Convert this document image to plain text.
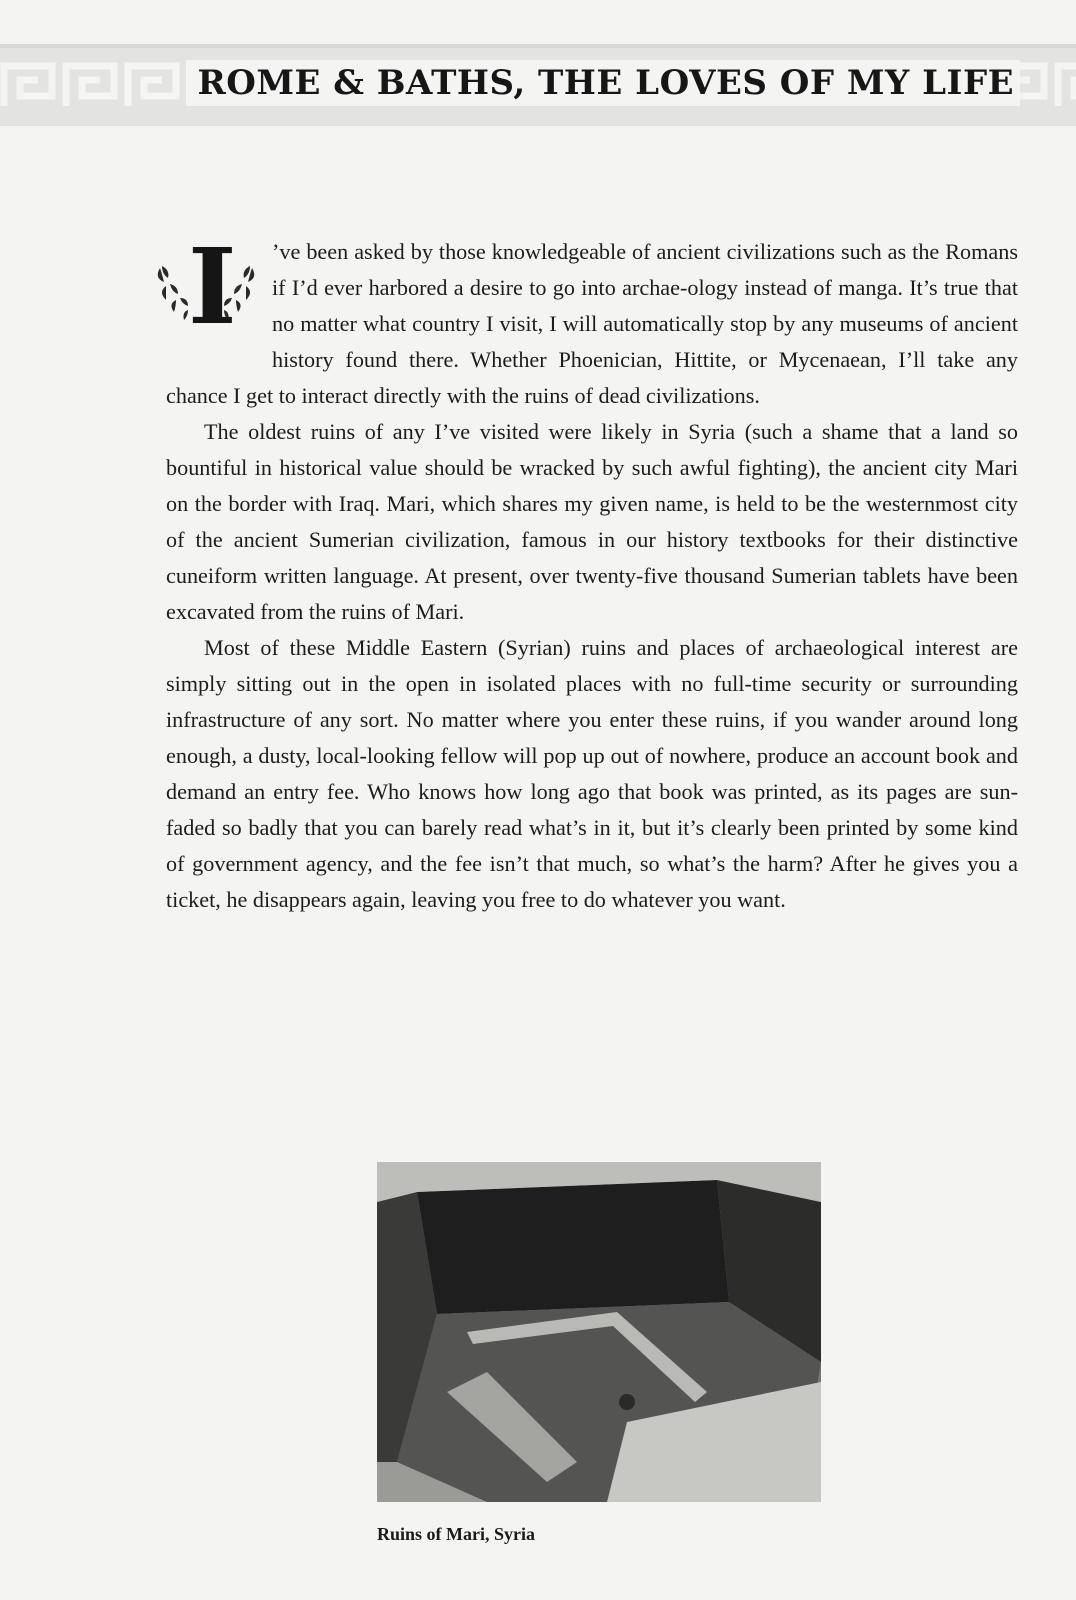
ROME & BATHS, THE LOVES OF MY LIFE
I	’ve been asked by those knowledgeable of ancient civilizations such as the Romans if I’d ever harbored a desire to go into archae-ology instead of manga. It’s true that no matter what country I visit, I will automatically stop by any museums of ancient history found there. Whether Phoenician, Hittite, or Mycenaean, I’ll take any chance I get to interact directly with the ruins of dead civilizations.

The oldest ruins of any I’ve visited were likely in Syria (such a shame that a land so bountiful in historical value should be wracked by such awful fighting), the ancient city Mari on the border with Iraq. Mari, which shares my given name, is held to be the westernmost city of the ancient Sumerian civilization, famous in our history textbooks for their distinctive cuneiform written language. At present, over twenty-five thousand Sumerian tablets have been excavated from the ruins of Mari.

Most of these Middle Eastern (Syrian) ruins and places of archaeological interest are simply sitting out in the open in isolated places with no full-time security or surrounding infrastructure of any sort. No matter where you enter these ruins, if you wander around long enough, a dusty, local-looking fellow will pop up out of nowhere, produce an account book and demand an entry fee. Who knows how long ago that book was printed, as its pages are sun-faded so badly that you can barely read what’s in it, but it’s clearly been printed by some kind of government agency, and the fee isn’t that much, so what’s the harm? After he gives you a ticket, he disappears again, leaving you free to do whatever you want.

Ruins of Mari, Syria
